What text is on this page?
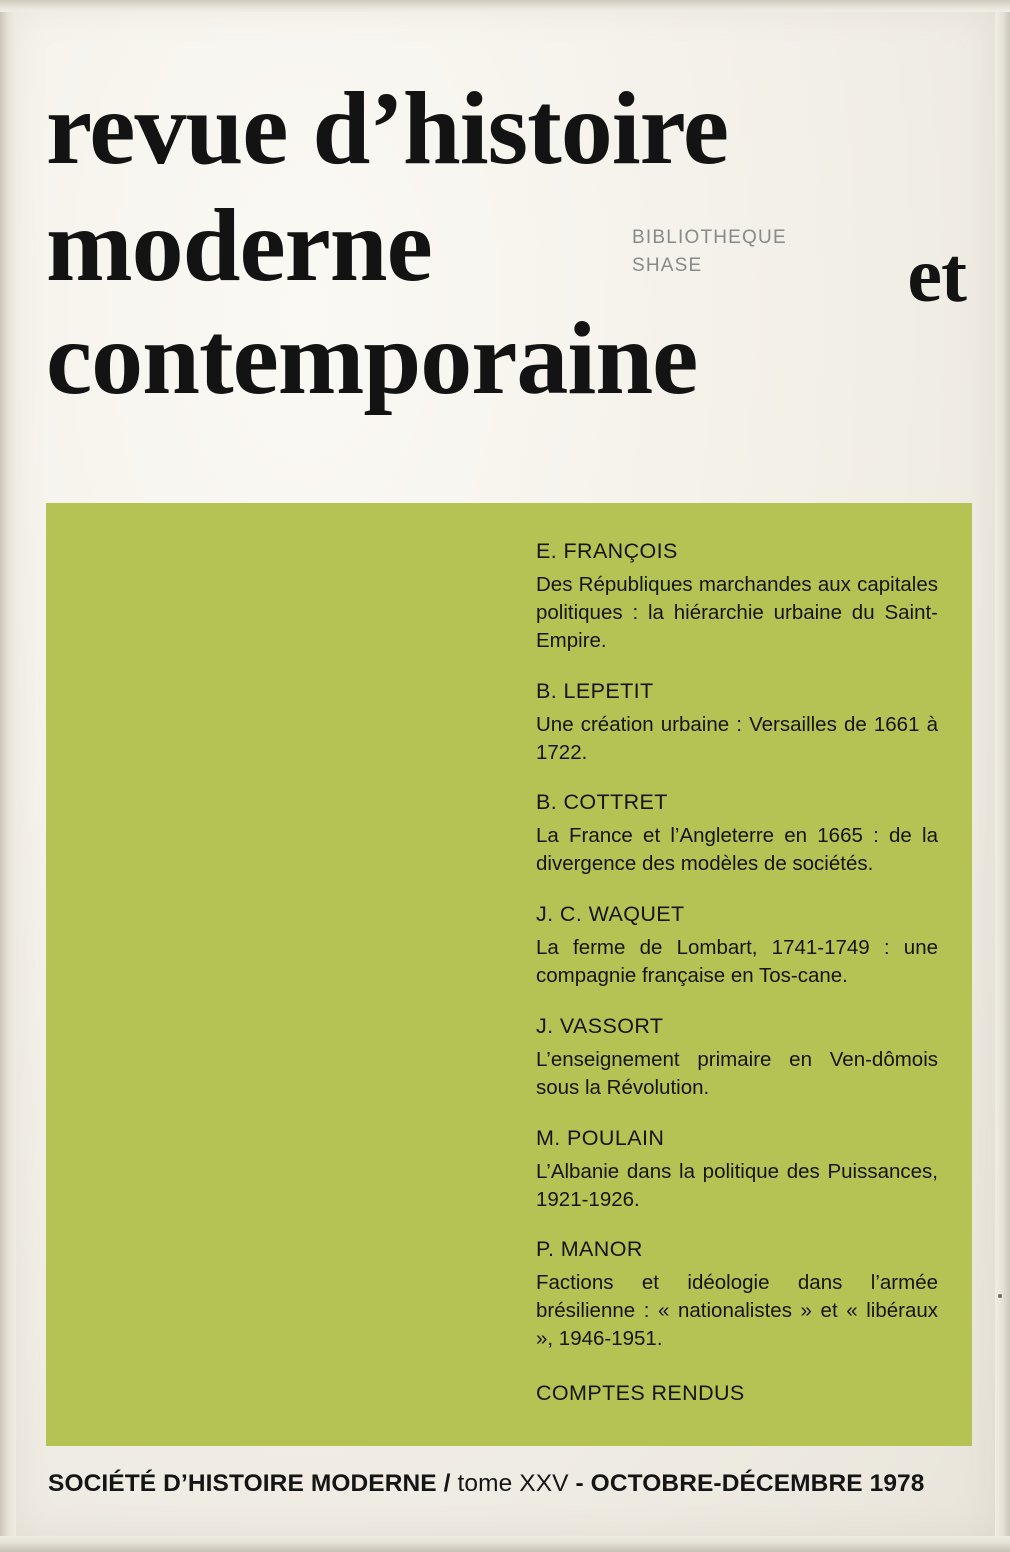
revue d’histoire
moderne	et
contemporaine
BIBLIOTHEQUE
SHASE
E. FRANÇOIS
Des Républiques marchandes aux capitales politiques : la hiérarchie urbaine du Saint-Empire.
B. LEPETIT
Une création urbaine : Versailles de 1661 à 1722.
B. COTTRET
La France et l’Angleterre en 1665 : de la divergence des modèles de sociétés.
J. C. WAQUET
La ferme de Lombart, 1741-1749 : une compagnie française en Tos-cane.
J. VASSORT
L’enseignement primaire en Ven-dômois sous la Révolution.
M. POULAIN
L’Albanie dans la politique des Puissances, 1921-1926.
P. MANOR
Factions et idéologie dans l’armée brésilienne : « nationalistes » et « libéraux », 1946-1951.
COMPTES RENDUS
SOCIÉTÉ D’HISTOIRE MODERNE / tome XXV - OCTOBRE-DÉCEMBRE 1978
